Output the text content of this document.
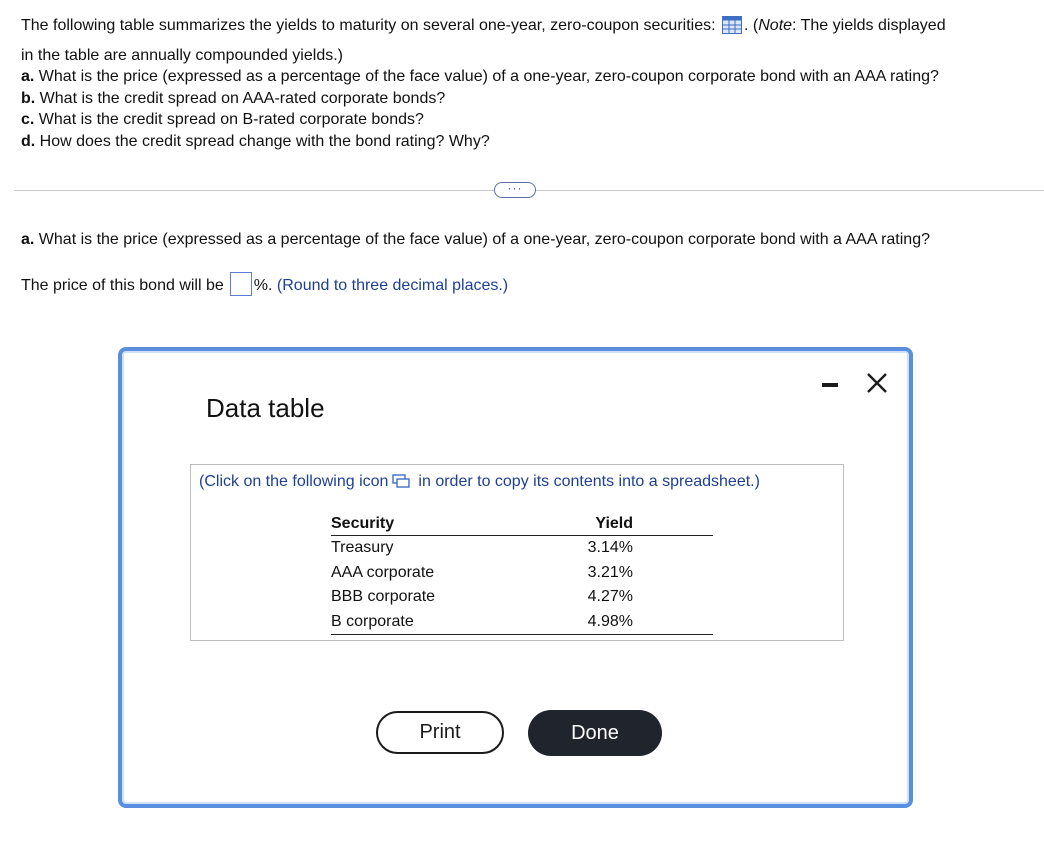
The following table summarizes the yields to maturity on several one-year, zero-coupon securities: . (Note: The yields displayed
in the table are annually compounded yields.)
a. What is the price (expressed as a percentage of the face value) of a one-year, zero-coupon corporate bond with an AAA rating?
b. What is the credit spread on AAA-rated corporate bonds?
c. What is the credit spread on B-rated corporate bonds?
d. How does the credit spread change with the bond rating? Why?
···
a. What is the price (expressed as a percentage of the face value) of a one-year, zero-coupon corporate bond with a AAA rating?
The price of this bond will be %. (Round to three decimal places.)
Data table
(Click on the following icon in order to copy its contents into a spreadsheet.)
Security	Yield
Treasury	3.14%
AAA corporate	3.21%
BBB corporate	4.27%
B corporate	4.98%
Print	Done
